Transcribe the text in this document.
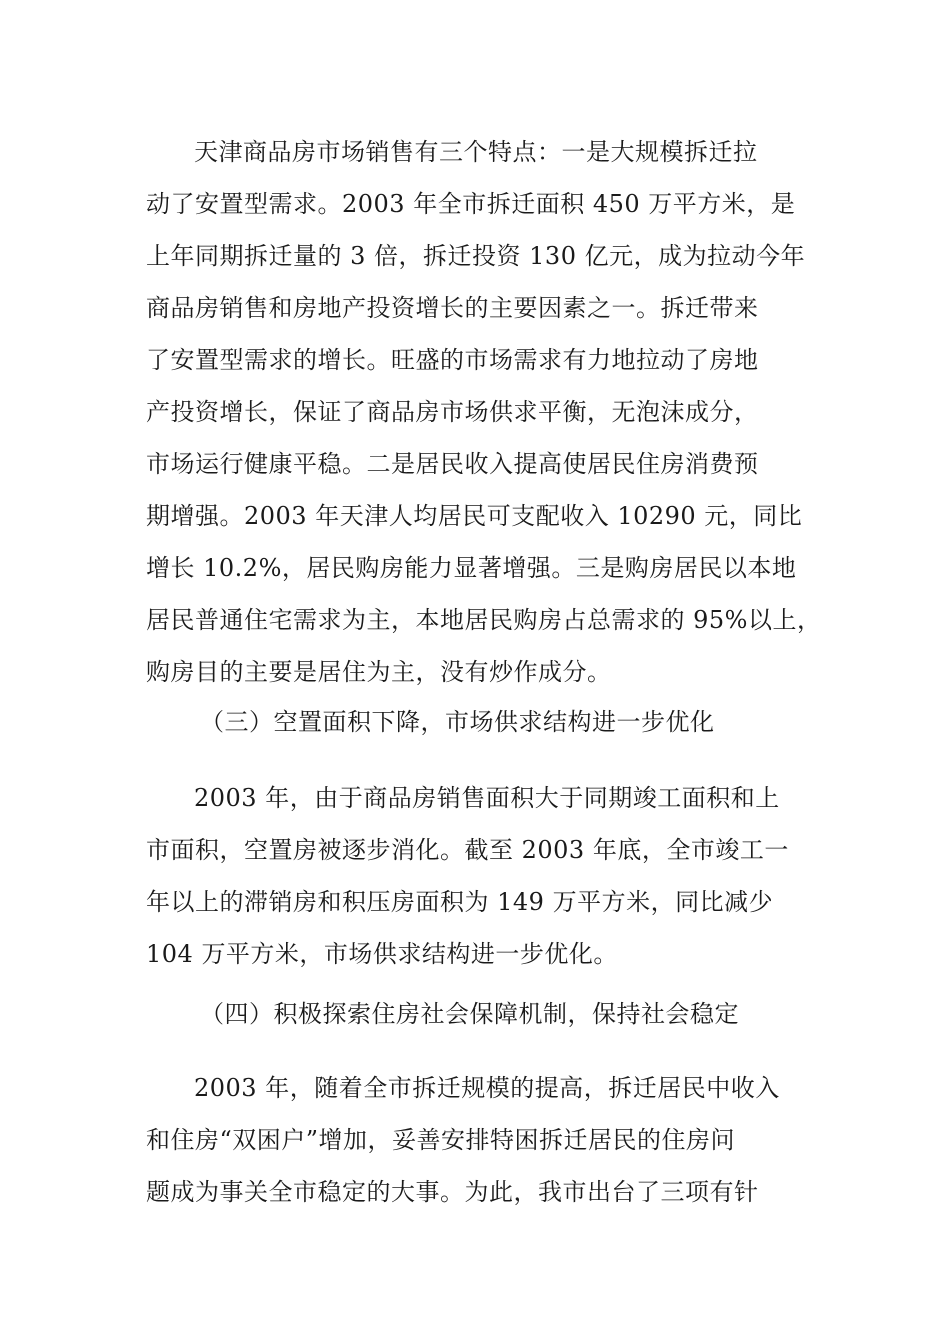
天津商品房市场销售有三个特点：一是大规模拆迁拉
动了安置型需求。2003 年全市拆迁面积 450 万平方米，是
上年同期拆迁量的 3 倍，拆迁投资 130 亿元，成为拉动今年
商品房销售和房地产投资增长的主要因素之一。拆迁带来
了安置型需求的增长。旺盛的市场需求有力地拉动了房地
产投资增长，保证了商品房市场供求平衡，无泡沫成分，
市场运行健康平稳。二是居民收入提高使居民住房消费预
期增强。2003 年天津人均居民可支配收入 10290 元，同比
增长 10.2%，居民购房能力显著增强。三是购房居民以本地
居民普通住宅需求为主，本地居民购房占总需求的 95%以上，
购房目的主要是居住为主，没有炒作成分。
（三）空置面积下降，市场供求结构进一步优化
2003 年，由于商品房销售面积大于同期竣工面积和上
市面积，空置房被逐步消化。截至 2003 年底，全市竣工一
年以上的滞销房和积压房面积为 149 万平方米，同比减少
104 万平方米，市场供求结构进一步优化。
（四）积极探索住房社会保障机制，保持社会稳定
2003 年，随着全市拆迁规模的提高，拆迁居民中收入
和住房“双困户”增加，妥善安排特困拆迁居民的住房问
题成为事关全市稳定的大事。为此，我市出台了三项有针
